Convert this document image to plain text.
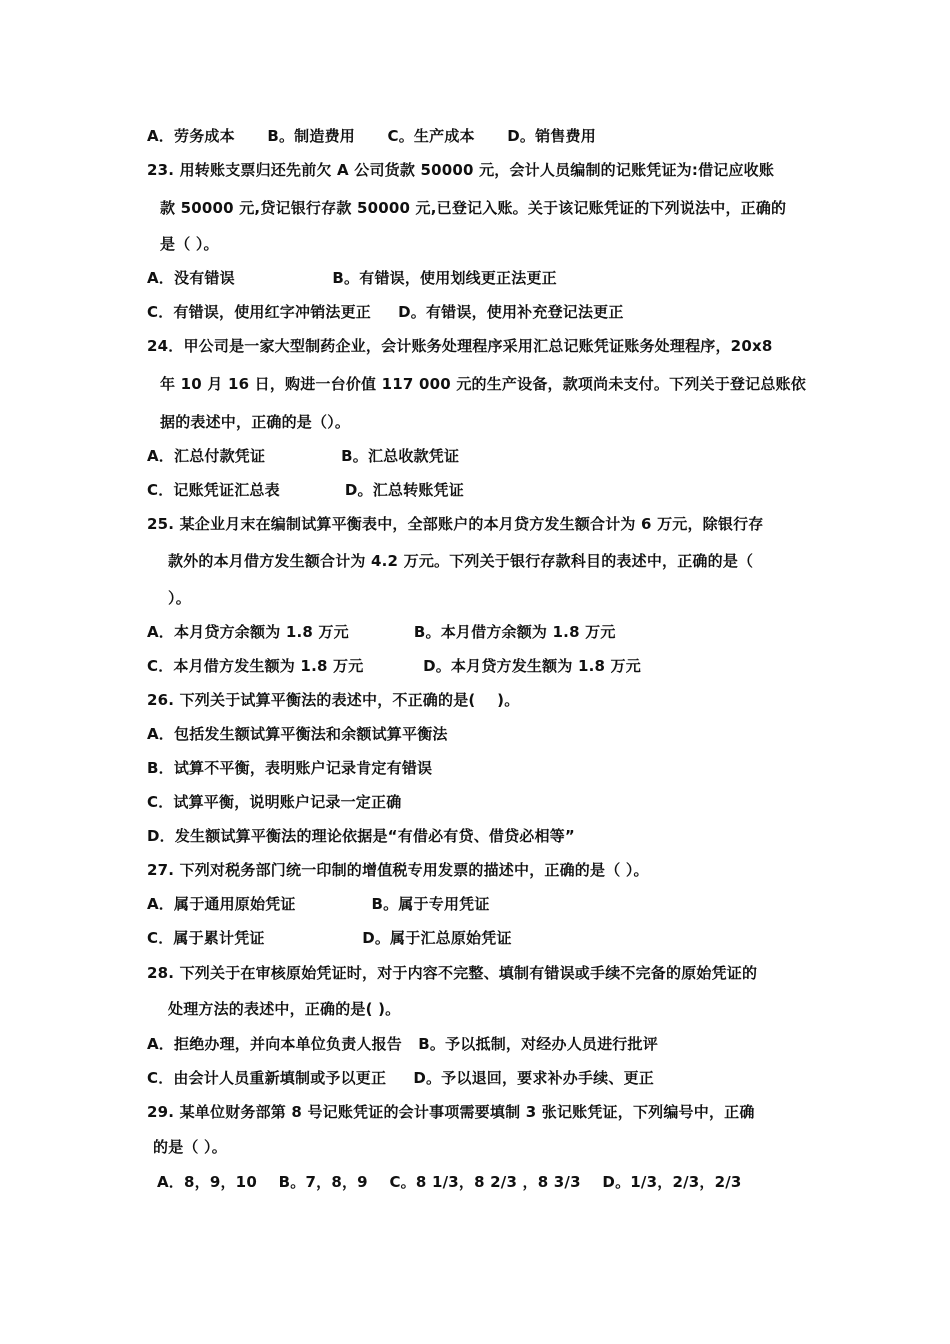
A．劳务成本      B。制造费用      C。生产成本      D。销售费用
23. 用转账支票归还先前欠 A 公司货款 50000 元，会计人员编制的记账凭证为:借记应收账
款 50000 元,贷记银行存款 50000 元,已登记入账。关于该记账凭证的下列说法中，正确的
是（ ）。
A．没有错误                  B。有错误，使用划线更正法更正
C．有错误，使用红字冲销法更正     D。有错误，使用补充登记法更正
24．甲公司是一家大型制药企业，会计账务处理程序采用汇总记账凭证账务处理程序，20x8
年 10 月 16 日，购进一台价值 117 000 元的生产设备，款项尚未支付。下列关于登记总账依
据的表述中，正确的是（）。
A．汇总付款凭证              B。汇总收款凭证
C．记账凭证汇总表            D。汇总转账凭证
25. 某企业月末在编制试算平衡表中，全部账户的本月贷方发生额合计为 6 万元，除银行存
款外的本月借方发生额合计为 4.2 万元。下列关于银行存款科目的表述中，正确的是（
）。
A．本月贷方余额为 1.8 万元            B。本月借方余额为 1.8 万元
C．本月借方发生额为 1.8 万元           D。本月贷方发生额为 1.8 万元
26. 下列关于试算平衡法的表述中，不正确的是(    )。
A．包括发生额试算平衡法和余额试算平衡法
B．试算不平衡，表明账户记录肯定有错误
C．试算平衡，说明账户记录一定正确
D．发生额试算平衡法的理论依据是“有借必有贷、借贷必相等”
27. 下列对税务部门统一印制的增值税专用发票的描述中，正确的是（ ）。
A．属于通用原始凭证              B。属于专用凭证
C．属于累计凭证                  D。属于汇总原始凭证
28. 下列关于在审核原始凭证时，对于内容不完整、填制有错误或手续不完备的原始凭证的
处理方法的表述中，正确的是( )。
A．拒绝办理，并向本单位负责人报告   B。予以抵制，对经办人员进行批评
C．由会计人员重新填制或予以更正     D。予以退回，要求补办手续、更正
29. 某单位财务部第 8 号记账凭证的会计事项需要填制 3 张记账凭证，下列编号中，正确
的是（ ）。
A．8，9，10    B。7，8，9    C。8 1/3，8 2/3 ，8 3/3    D。1/3，2/3，2/3
